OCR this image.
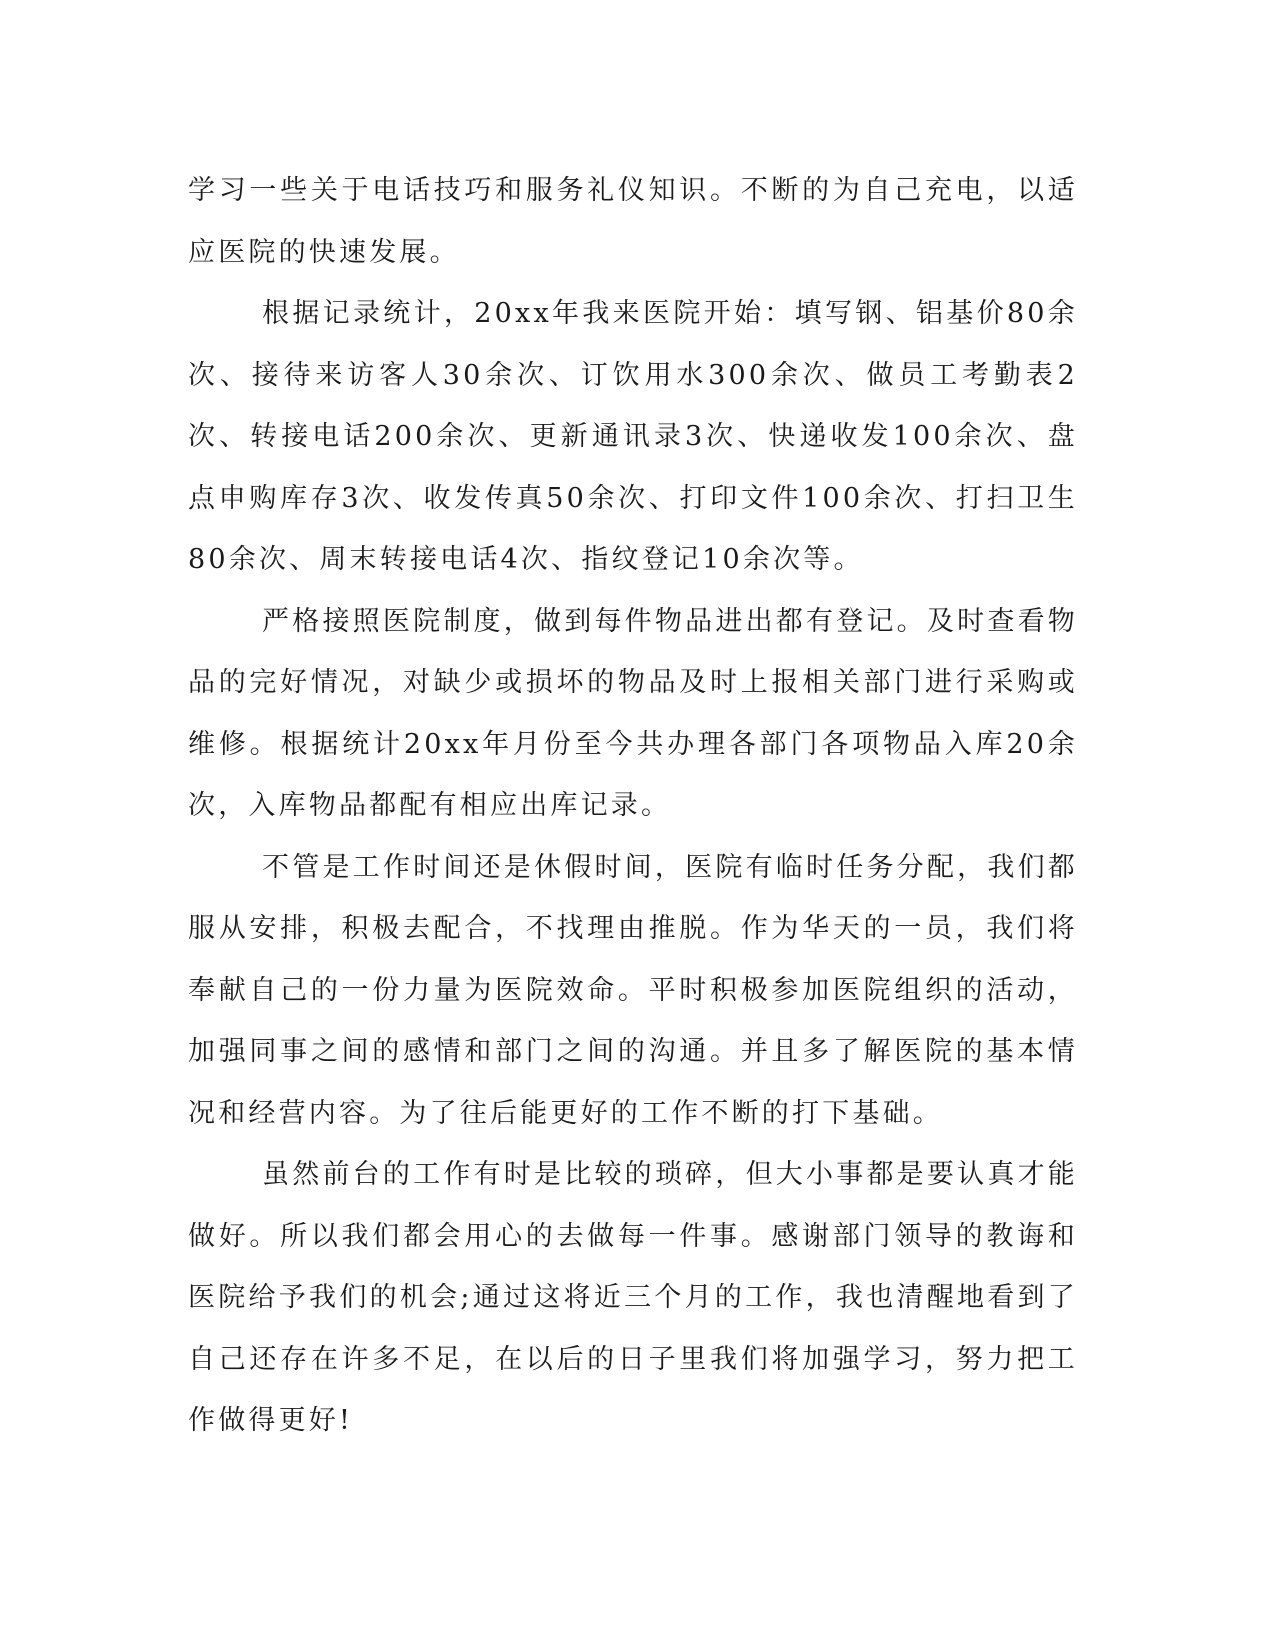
学习一些关于电话技巧和服务礼仪知识。不断的为自己充电，以适应医院的快速发展。

根据记录统计，20xx年我来医院开始：填写钢、铝基价80余次、接待来访客人30余次、订饮用水300余次、做员工考勤表2次、转接电话200余次、更新通讯录3次、快递收发100余次、盘点申购库存3次、收发传真50余次、打印文件100余次、打扫卫生80余次、周末转接电话4次、指纹登记10余次等。

严格接照医院制度，做到每件物品进出都有登记。及时查看物品的完好情况，对缺少或损坏的物品及时上报相关部门进行采购或维修。根据统计20xx年月份至今共办理各部门各项物品入库20余次，入库物品都配有相应出库记录。

不管是工作时间还是休假时间，医院有临时任务分配，我们都服从安排，积极去配合，不找理由推脱。作为华天的一员，我们将奉献自己的一份力量为医院效命。平时积极参加医院组织的活动，加强同事之间的感情和部门之间的沟通。并且多了解医院的基本情况和经营内容。为了往后能更好的工作不断的打下基础。

虽然前台的工作有时是比较的琐碎，但大小事都是要认真才能做好。所以我们都会用心的去做每一件事。感谢部门领导的教诲和医院给予我们的机会;通过这将近三个月的工作，我也清醒地看到了自己还存在许多不足，在以后的日子里我们将加强学习，努力把工作做得更好!
